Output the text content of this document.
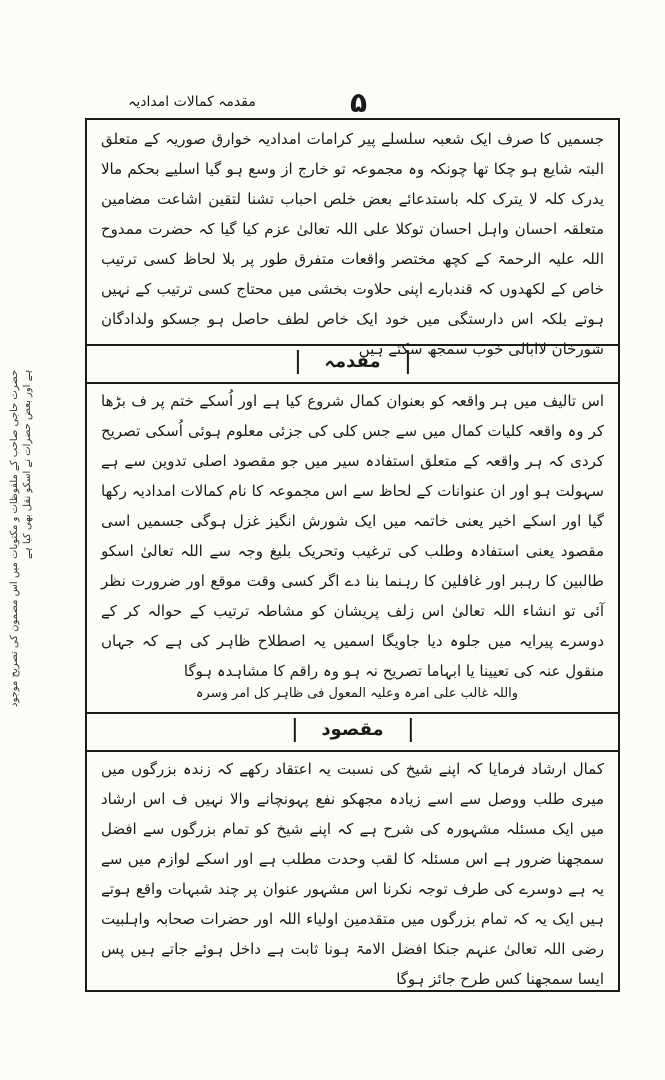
مقدمہ کمالات امدادیہ	۵
حضرت حاجی صاحب کے ملفوظات و مکتوبات میں اس مضمون کی تصریح موجود ہے اور بعض حضرات نے اسکو نقل بھی کیا ہے

جسمیں کا صرف ایک شعبہ سلسلے پیر کرامات امدادیہ خوارق صوریہ کے متعلق البتہ شایع ہو چکا تھا چونکہ وہ مجموعہ تو خارج از وسع ہو گیا اسلیے بحکم مالا یدرک کلہ لا یترک کلہ باستدعائے بعض خلص احباب تشنا لتقین اشاعت مضامین متعلقہ احسان واہل احسان توکلا علی اللہ تعالیٰ عزم کیا گیا کہ حضرت ممدوح اللہ علیہ الرحمۃ کے کچھ مختصر واقعات متفرق طور پر بلا لحاظ کسی ترتیب خاص کے لکھدوں کہ قندبارے اپنی حلاوت بخشی میں محتاج کسی ترتیب کے نہیں ہوتے بلکہ اس دارستگی میں خود ایک خاص لطف حاصل ہو جسکو ولدادگان شورخان لاابالی خوب سمجھ سکتے ہیں

مقدمہ

اس تالیف میں ہر واقعہ کو بعنوان کمال شروع کیا ہے اور اُسکے ختم پر ف بڑھا کر وہ واقعہ کلیات کمال میں سے جس کلی کی جزئی معلوم ہوئی اُسکی تصریح کردی کہ ہر واقعہ کے متعلق استفادہ سیر میں جو مقصود اصلی تدوین سے ہے سہولت ہو اور ان عنوانات کے لحاظ سے اس مجموعہ کا نام کمالات امدادیہ رکھا گیا اور اسکے اخیر یعنی خاتمہ میں ایک شورش انگیز غزل ہوگی جسمیں اسی مقصود یعنی استفادہ وطلب کی ترغیب وتحریک بلیغ وجہ سے اللہ تعالیٰ اسکو طالبین کا رہبر اور غافلین کا رہنما بنا دے اگر کسی وقت موقع اور ضرورت نظر آئی تو انشاء اللہ تعالیٰ اس زلف پریشان کو مشاطہ ترتیب کے حوالہ کر کے دوسرے پیرایہ میں جلوہ دیا جاویگا اسمیں یہ اصطلاح ظاہر کی ہے کہ جہاں منقول عنہ کی تعیینا یا ابہاما تصریح نہ ہو وہ راقم کا مشاہدہ ہوگا

واللہ غالب علی امرہ وعلیہ المعول فی ظاہر کل امر وسرہ
مقصود

کمال ارشاد فرمایا کہ اپنے شیخ کی نسبت یہ اعتقاد رکھے کہ زندہ بزرگوں میں میری طلب ووصل سے اسے زیادہ مجھکو نفع پہونچانے والا نہیں ف اس ارشاد میں ایک مسئلہ مشہورہ کی شرح ہے کہ اپنے شیخ کو تمام بزرگوں سے افضل سمجھنا ضرور ہے اس مسئلہ کا لقب وحدت مطلب ہے اور اسکے لوازم میں سے یہ ہے دوسرے کی طرف توجہ نکرنا اس مشہور عنوان پر چند شبہات واقع ہوتے ہیں ایک یہ کہ تمام بزرگوں میں متقدمین اولیاء اللہ اور حضرات صحابہ واہلبیت رضی اللہ تعالیٰ عنہم جنکا افضل الامۃ ہونا ثابت ہے داخل ہوئے جاتے ہیں پس ایسا سمجھنا کس طرح جائز ہوگا
